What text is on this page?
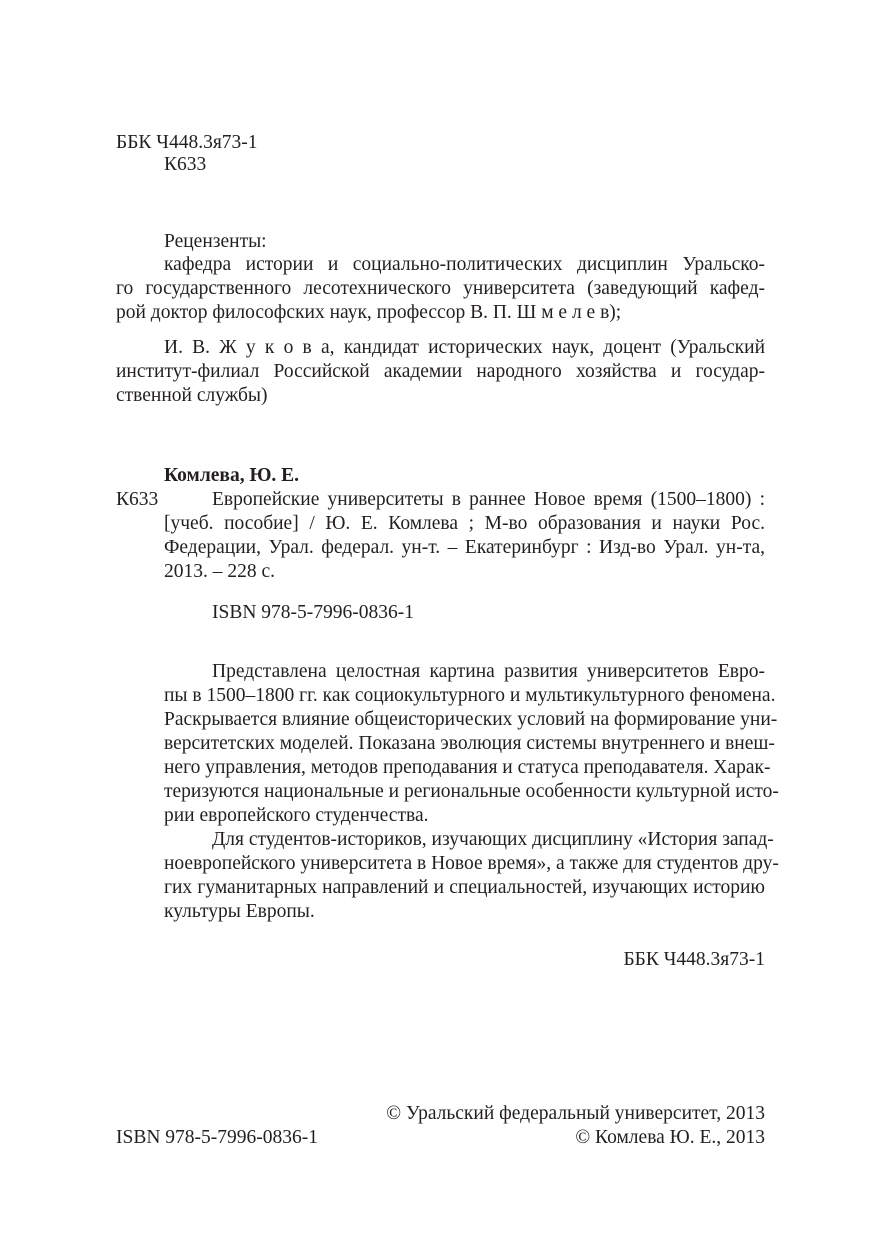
ББК Ч448.3я73-1
К633
Рецензенты:
кафедра истории и социально-политических дисциплин Уральско-
го государственного лесотехнического университета (заведующий кафед-
рой доктор философских наук, профессор В. П. Ш м е л е в);
И. В. Ж у к о в а, кандидат исторических наук, доцент (Уральский
институт-филиал Российской академии народного хозяйства и государ-
ственной службы)
Комлева, Ю. Е.
К633	Европейские университеты в раннее Новое время (1500–1800) :
[учеб. пособие] / Ю. Е. Комлева ; М-во образования и науки Рос.
Федерации, Урал. федерал. ун-т. – Екатеринбург : Изд-во Урал. ун-та,
2013. – 228 с.
ISBN 978-5-7996-0836-1
Представлена целостная картина развития университетов Евро-
пы в 1500–1800 гг. как социокультурного и мультикультурного феномена.
Раскрывается влияние общеисторических условий на формирование уни-
верситетских моделей. Показана эволюция системы внутреннего и внеш-
него управления, методов преподавания и статуса преподавателя. Харак-
теризуются национальные и региональные особенности культурной исто-
рии европейского студенчества.
Для студентов-историков, изучающих дисциплину «История запад-
ноевропейского университета в Новое время», а также для студентов дру-
гих гуманитарных направлений и специальностей, изучающих историю
культуры Европы.
ББК Ч448.3я73-1
© Уральский федеральный университет, 2013
ISBN 978-5-7996-0836-1	© Комлева Ю. Е., 2013
